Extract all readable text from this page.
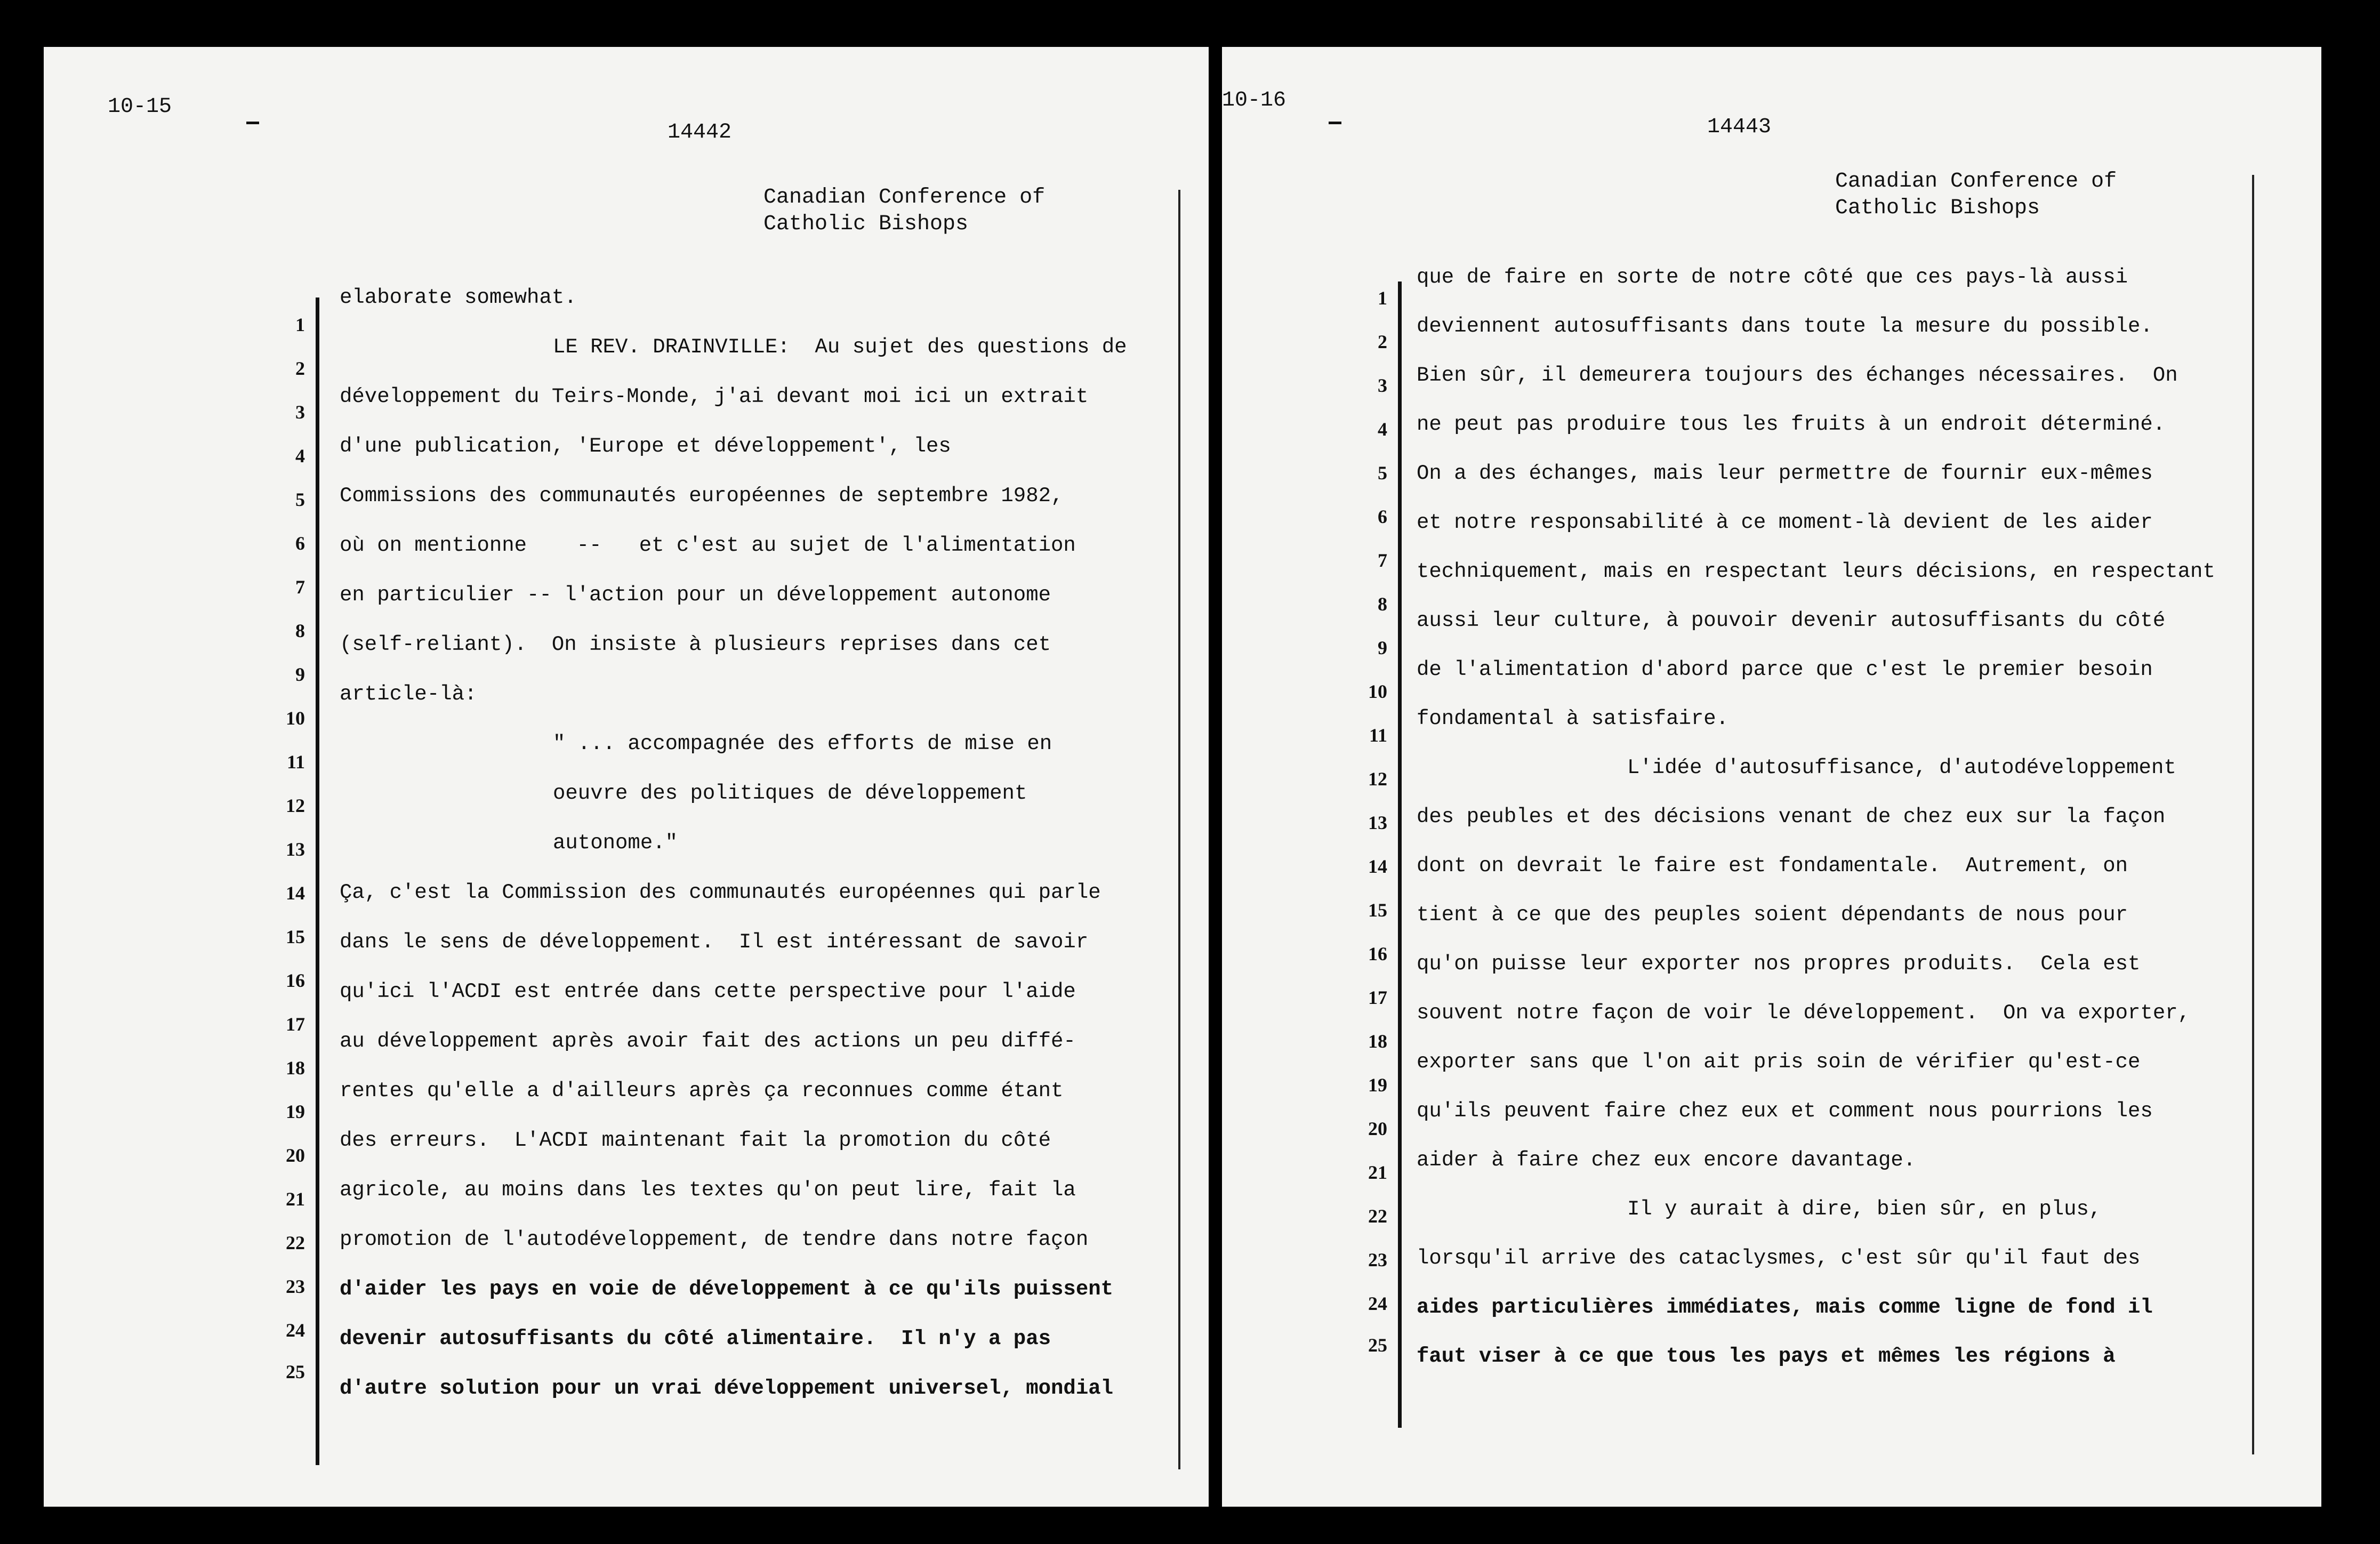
10-15
14442
Canadian Conference of
Catholic Bishops
1
2
3
4
5
6
7
8
9
10
11
12
13
14
15
16
17
18
19
20
21
22
23
24
25
elaborate somewhat.
LE REV. DRAINVILLE:  Au sujet des questions de
développement du Teirs-Monde, j'ai devant moi ici un extrait
d'une publication, 'Europe et développement', les
Commissions des communautés européennes de septembre 1982,
où on mentionne    --   et c'est au sujet de l'alimentation
en particulier -- l'action pour un développement autonome
(self-reliant).  On insiste à plusieurs reprises dans cet
article-là:
" ... accompagnée des efforts de mise en
oeuvre des politiques de développement
autonome."
Ça, c'est la Commission des communautés européennes qui parle
dans le sens de développement.  Il est intéressant de savoir
qu'ici l'ACDI est entrée dans cette perspective pour l'aide
au développement après avoir fait des actions un peu diffé-
rentes qu'elle a d'ailleurs après ça reconnues comme étant
des erreurs.  L'ACDI maintenant fait la promotion du côté
agricole, au moins dans les textes qu'on peut lire, fait la
promotion de l'autodéveloppement, de tendre dans notre façon
d'aider les pays en voie de développement à ce qu'ils puissent
devenir autosuffisants du côté alimentaire.  Il n'y a pas
d'autre solution pour un vrai développement universel, mondial
10-16
14443
Canadian Conference of
Catholic Bishops
1
2
3
4
5
6
7
8
9
10
11
12
13
14
15
16
17
18
19
20
21
22
23
24
25
que de faire en sorte de notre côté que ces pays-là aussi
deviennent autosuffisants dans toute la mesure du possible.
Bien sûr, il demeurera toujours des échanges nécessaires.  On
ne peut pas produire tous les fruits à un endroit déterminé.
On a des échanges, mais leur permettre de fournir eux-mêmes
et notre responsabilité à ce moment-là devient de les aider
techniquement, mais en respectant leurs décisions, en respectant
aussi leur culture, à pouvoir devenir autosuffisants du côté
de l'alimentation d'abord parce que c'est le premier besoin
fondamental à satisfaire.
L'idée d'autosuffisance, d'autodéveloppement
des peubles et des décisions venant de chez eux sur la façon
dont on devrait le faire est fondamentale.  Autrement, on
tient à ce que des peuples soient dépendants de nous pour
qu'on puisse leur exporter nos propres produits.  Cela est
souvent notre façon de voir le développement.  On va exporter,
exporter sans que l'on ait pris soin de vérifier qu'est-ce
qu'ils peuvent faire chez eux et comment nous pourrions les
aider à faire chez eux encore davantage.
Il y aurait à dire, bien sûr, en plus,
lorsqu'il arrive des cataclysmes, c'est sûr qu'il faut des
aides particulières immédiates, mais comme ligne de fond il
faut viser à ce que tous les pays et mêmes les régions à
